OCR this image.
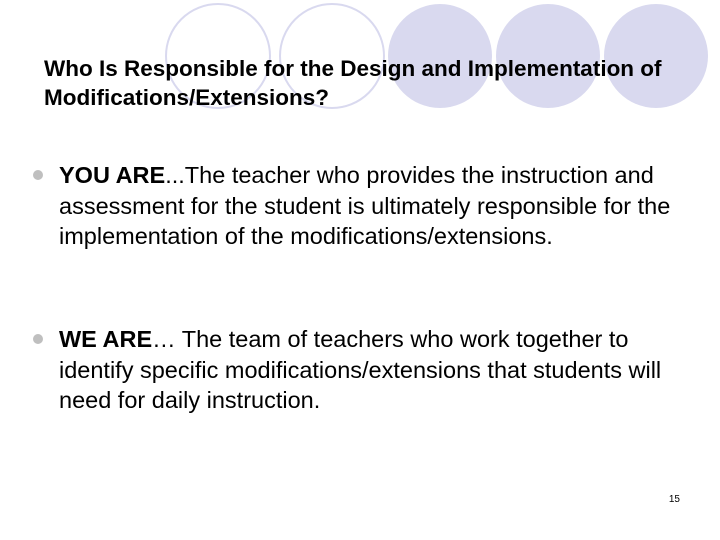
Who Is Responsible for the Design and Implementation of Modifications/Extensions?
YOU ARE...The teacher who provides the instruction and assessment for the student is ultimately responsible for the implementation of the modifications/extensions.
WE ARE… The team of teachers who work together to identify specific modifications/extensions that students will need for daily instruction.
15
